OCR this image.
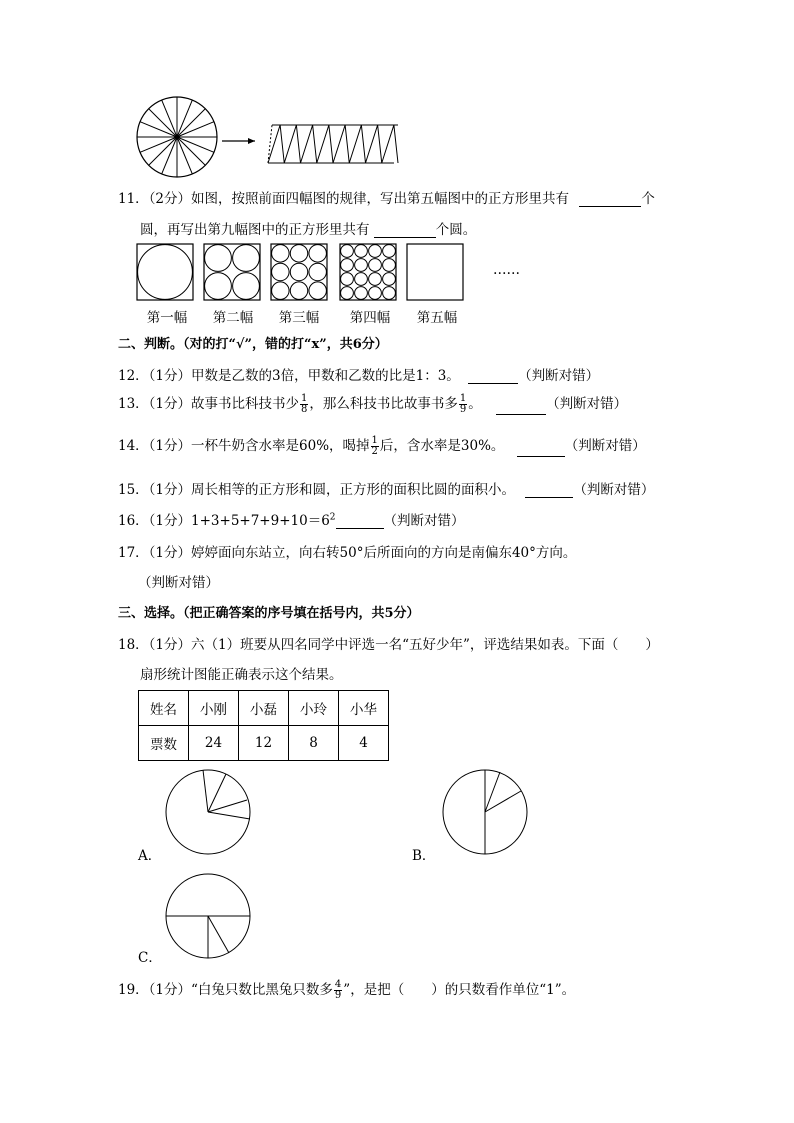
11．（2分）如图，按照前面四幅图的规律，写出第五幅图中的正方形里共有	个
圆，再写出第九幅图中的正方形里共有	个圆。
……
第一幅	第二幅	第三幅	第四幅	第五幅
二、判断。（对的打“√”，错的打“x”，共6分）
12．（1分）甲数是乙数的3倍，甲数和乙数的比是1：3。	（判断对错）
13．（1分）故事书比科技书少 $\frac{1}{8}$ ，那么科技书比故事书多 $\frac{1}{9}$ 。	（判断对错）
14．（1分）一杯牛奶含水率是60%，喝掉 $\frac{1}{2}$ 后，含水率是30%。	（判断对错）
15．（1分）周长相等的正方形和圆，正方形的面积比圆的面积小。	（判断对错）
16．（1分）$1+3+5+7+9+10=6^2$	（判断对错）
17．（1分）婷婷面向东站立，向右转50°后所面向的方向是南偏东40°方向。
（判断对错）
三、选择。（把正确答案的序号填在括号内，共5分）
18．（1分）六（1）班要从四名同学中评选一名“五好少年”，评选结果如表。下面（　　）
扇形统计图能正确表示这个结果。
姓名	小刚	小磊	小玲	小华
票数	24	12	8	4
A．	B．
C．
19．（1分）“白兔只数比黑兔只数多 $\frac{4}{9}$ ”，是把（　　）的只数看作单位“1”。
